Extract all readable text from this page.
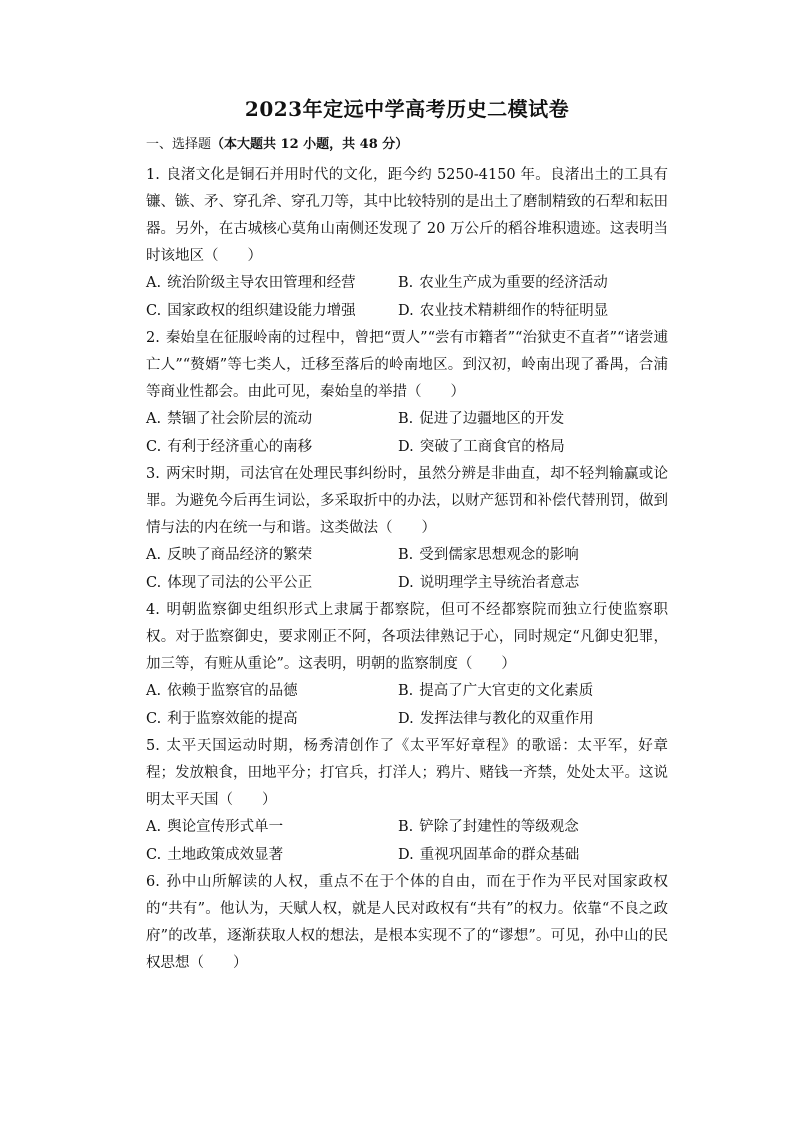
2023年定远中学高考历史二模试卷
一、选择题（本大题共 12 小题，共 48 分）

1. 良渚文化是铜石并用时代的文化，距今约 5250-4150 年。良渚出土的工具有镰、镞、矛、穿孔斧、穿孔刀等，其中比较特别的是出土了磨制精致的石犁和耘田器。另外，在古城核心莫角山南侧还发现了 20 万公斤的稻谷堆积遗迹。这表明当时该地区（　　）

A. 统治阶级主导农田管理和经营	B. 农业生产成为重要的经济活动
C. 国家政权的组织建设能力增强	D. 农业技术精耕细作的特征明显

2. 秦始皇在征服岭南的过程中，曾把“贾人”“尝有市籍者”“治狱吏不直者”“诸尝逋亡人”“赘婿”等七类人，迁移至落后的岭南地区。到汉初，岭南出现了番禺，合浦等商业性都会。由此可见，秦始皇的举措（　　）

A. 禁锢了社会阶层的流动	B. 促进了边疆地区的开发
C. 有利于经济重心的南移	D. 突破了工商食官的格局

3. 两宋时期，司法官在处理民事纠纷时，虽然分辨是非曲直，却不轻判输赢或论罪。为避免今后再生词讼，多采取折中的办法，以财产惩罚和补偿代替刑罚，做到情与法的内在统一与和谐。这类做法（　　）

A. 反映了商品经济的繁荣	B. 受到儒家思想观念的影响
C. 体现了司法的公平公正	D. 说明理学主导统治者意志

4. 明朝监察御史组织形式上隶属于都察院，但可不经都察院而独立行使监察职权。对于监察御史，要求刚正不阿，各项法律熟记于心，同时规定“凡御史犯罪，加三等，有赃从重论”。这表明，明朝的监察制度（　　）

A. 依赖于监察官的品德	B. 提高了广大官吏的文化素质
C. 利于监察效能的提高	D. 发挥法律与教化的双重作用

5. 太平天国运动时期，杨秀清创作了《太平军好章程》的歌谣：太平军，好章程；发放粮食，田地平分；打官兵，打洋人；鸦片、赌钱一齐禁，处处太平。这说明太平天国（　　）

A. 舆论宣传形式单一	B. 铲除了封建性的等级观念
C. 土地政策成效显著	D. 重视巩固革命的群众基础

6. 孙中山所解读的人权，重点不在于个体的自由，而在于作为平民对国家政权的“共有”。他认为，天赋人权，就是人民对政权有“共有”的权力。依靠“不良之政府”的改革，逐渐获取人权的想法，是根本实现不了的“谬想”。可见，孙中山的民权思想（　　）
